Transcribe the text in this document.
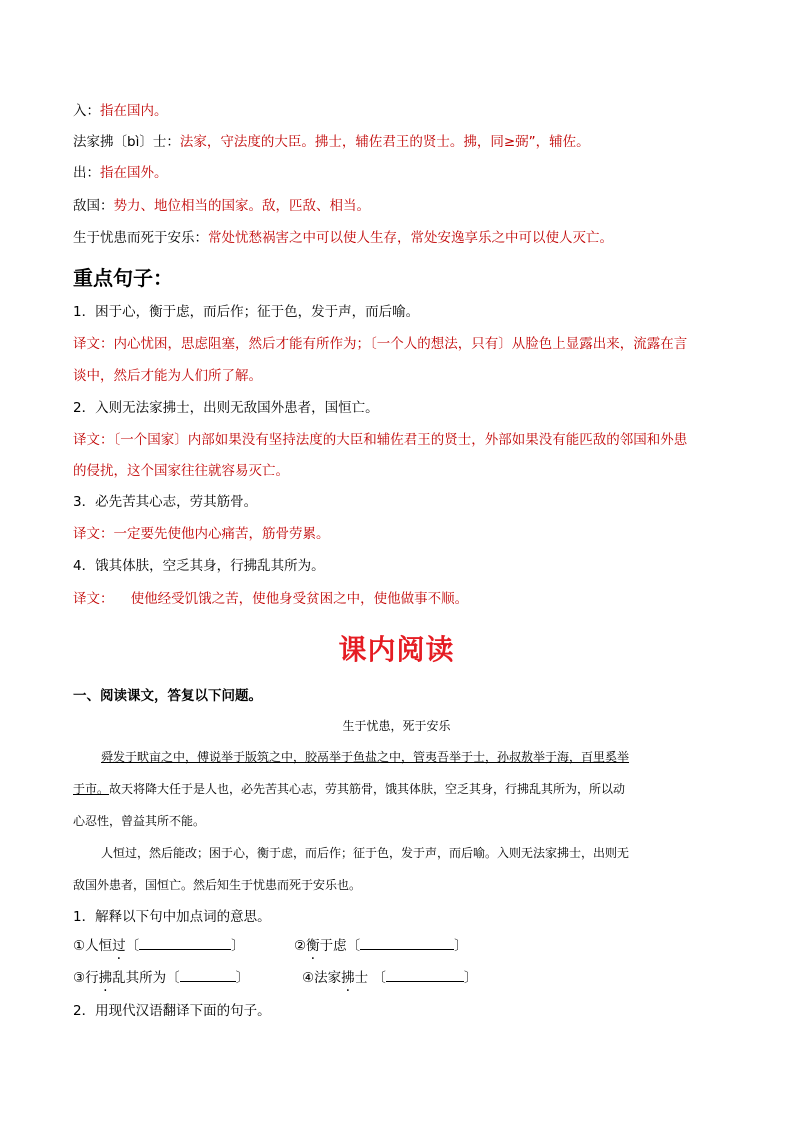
入：指在国内。
法家拂〔bì〕士：法家，守法度的大臣。拂士，辅佐君王的贤士。拂，同≥弼”，辅佐。
出：指在国外。
敌国：势力、地位相当的国家。敌，匹敌、相当。
生于忧患而死于安乐：常处忧愁祸害之中可以使人生存，常处安逸享乐之中可以使人灭亡。
重点句子：
1．困于心，衡于虑，而后作；征于色，发于声，而后喻。
译文：内心忧困，思虑阻塞，然后才能有所作为；〔一个人的想法，只有〕从脸色上显露出来，流露在言
谈中，然后才能为人们所了解。
2．入则无法家拂士，出则无敌国外患者，国恒亡。
译文：〔一个国家〕内部如果没有坚持法度的大臣和辅佐君王的贤士，外部如果没有能匹敌的邻国和外患
的侵扰，这个国家往往就容易灭亡。
3．必先苦其心志，劳其筋骨。
译文：一定要先使他内心痛苦，筋骨劳累。
4．饿其体肤，空乏其身，行拂乱其所为。
译文：    使他经受饥饿之苦，使他身受贫困之中，使他做事不顺。
课内阅读
一、阅读课文，答复以下问题。
生于忧患，死于安乐
舜发于畎亩之中，傅说举于版筑之中，胶鬲举于鱼盐之中，管夷吾举于士，孙叔敖举于海，百里奚举
于市。故天将降大任于是人也，必先苦其心志，劳其筋骨，饿其体肤，空乏其身，行拂乱其所为，所以动
心忍性，曾益其所不能。
人恒过，然后能改；困于心，衡于虑，而后作；征于色，发于声，而后喻。入则无法家拂士，出则无
敌国外患者，国恒亡。然后知生于忧患而死于安乐也。
1．解释以下句中加点词的意思。
①人恒过〔	〕	②衡于虑〔	〕
③行拂乱其所为〔	〕	④法家拂士 〔	〕
2．用现代汉语翻译下面的句子。
